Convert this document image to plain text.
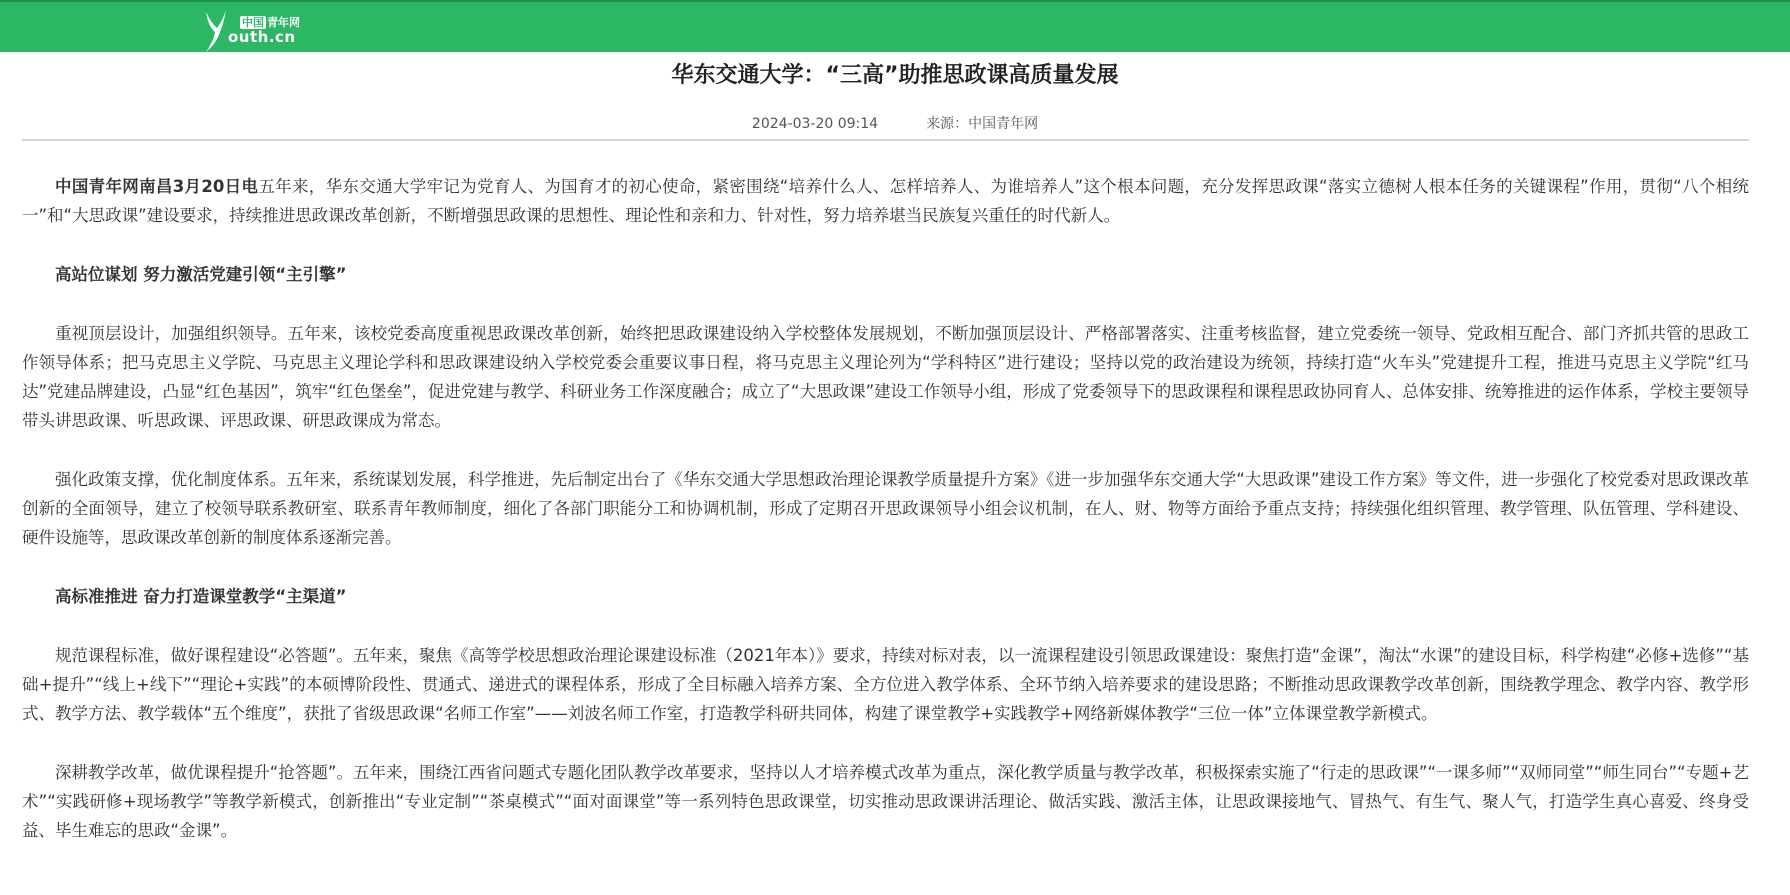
中国 青年网
outh.cn
华东交通大学：“三高”助推思政课高质量发展
2024-03-20 09:14	来源：中国青年网

中国青年网南昌3月20日电五年来，华东交通大学牢记为党育人、为国育才的初心使命，紧密围绕“培养什么人、怎样培养人、为谁培养人”这个根本问题，充分发挥思政课“落实立德树人根本任务的关键课程”作用，贯彻“八个相统一”和“大思政课”建设要求，持续推进思政课改革创新，不断增强思政课的思想性、理论性和亲和力、针对性，努力培养堪当民族复兴重任的时代新人。

高站位谋划 努力激活党建引领“主引擎”

重视顶层设计，加强组织领导。五年来，该校党委高度重视思政课改革创新，始终把思政课建设纳入学校整体发展规划，不断加强顶层设计、严格部署落实、注重考核监督，建立党委统一领导、党政相互配合、部门齐抓共管的思政工作领导体系；把马克思主义学院、马克思主义理论学科和思政课建设纳入学校党委会重要议事日程，将马克思主义理论列为“学科特区”进行建设；坚持以党的政治建设为统领，持续打造“火车头”党建提升工程，推进马克思主义学院“红马达”党建品牌建设，凸显“红色基因”，筑牢“红色堡垒”，促进党建与教学、科研业务工作深度融合；成立了“大思政课”建设工作领导小组，形成了党委领导下的思政课程和课程思政协同育人、总体安排、统筹推进的运作体系，学校主要领导带头讲思政课、听思政课、评思政课、研思政课成为常态。

强化政策支撑，优化制度体系。五年来，系统谋划发展，科学推进，先后制定出台了《华东交通大学思想政治理论课教学质量提升方案》《进一步加强华东交通大学“大思政课”建设工作方案》等文件，进一步强化了校党委对思政课改革创新的全面领导，建立了校领导联系教研室、联系青年教师制度，细化了各部门职能分工和协调机制，形成了定期召开思政课领导小组会议机制，在人、财、物等方面给予重点支持；持续强化组织管理、教学管理、队伍管理、学科建设、硬件设施等，思政课改革创新的制度体系逐渐完善。

高标准推进 奋力打造课堂教学“主渠道”

规范课程标准，做好课程建设“必答题”。五年来，聚焦《高等学校思想政治理论课建设标准（2021年本）》要求，持续对标对表，以一流课程建设引领思政课建设：聚焦打造“金课”，淘汰“水课”的建设目标，科学构建“必修+选修”“基础+提升”“线上+线下”“理论+实践”的本硕博阶段性、贯通式、递进式的课程体系，形成了全目标融入培养方案、全方位进入教学体系、全环节纳入培养要求的建设思路；不断推动思政课教学改革创新，围绕教学理念、教学内容、教学形式、教学方法、教学载体“五个维度”，获批了省级思政课“名师工作室”——刘波名师工作室，打造教学科研共同体，构建了课堂教学+实践教学+网络新媒体教学“三位一体”立体课堂教学新模式。

深耕教学改革，做优课程提升“抢答题”。五年来，围绕江西省问题式专题化团队教学改革要求，坚持以人才培养模式改革为重点，深化教学质量与教学改革，积极探索实施了“行走的思政课”“一课多师”“双师同堂”“师生同台”“专题+艺术”“实践研修+现场教学”等教学新模式，创新推出“专业定制”“茶桌模式”“面对面课堂”等一系列特色思政课堂，切实推动思政课讲活理论、做活实践、激活主体，让思政课接地气、冒热气、有生气、聚人气，打造学生真心喜爱、终身受益、毕生难忘的思政“金课”。
